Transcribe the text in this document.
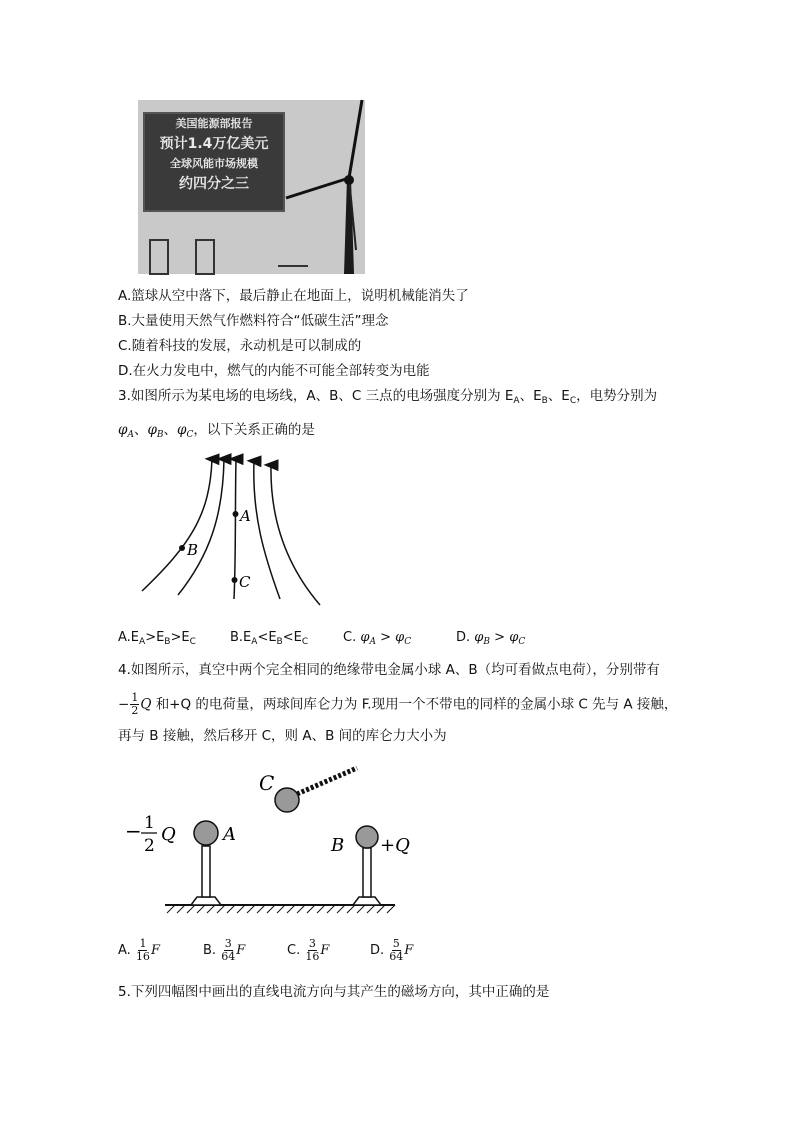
美国能源部报告
预计1.4万亿美元
全球风能市场规模
约四分之三
A.篮球从空中落下，最后静止在地面上，说明机械能消失了
B.大量使用天然气作燃料符合“低碳生活”理念
C.随着科技的发展，永动机是可以制成的
D.在火力发电中，燃气的内能不可能全部转变为电能
3.如图所示为某电场的电场线，A、B、C 三点的电场强度分别为 $E_A$、$E_B$、$E_C$，电势分别为
$\varphi_A$、$\varphi_B$、$\varphi_C$，以下关系正确的是
A
B
C
$A.E_A>E_B>E_C$	$B.E_A<E_B<E_C$	C. $\varphi_A > \varphi_C$	D. $\varphi_B > \varphi_C$
4.如图所示，真空中两个完全相同的绝缘带电金属小球 A、B（均可看做点电荷），分别带有
− $\frac{1}{2}$ Q 和+Q 的电荷量，两球间库仑力为 F.现用一个不带电的同样的金属小球 C 先与 A 接触，
再与 B 接触，然后移开 C，则 A、B 间的库仑力大小为
C
A
B +Q
− 1
2
Q
A. $\frac{1}{16}$ F	B. $\frac{3}{64}$ F	C. $\frac{3}{16}$ F	D. $\frac{5}{64}$ F
5.下列四幅图中画出的直线电流方向与其产生的磁场方向，其中正确的是
